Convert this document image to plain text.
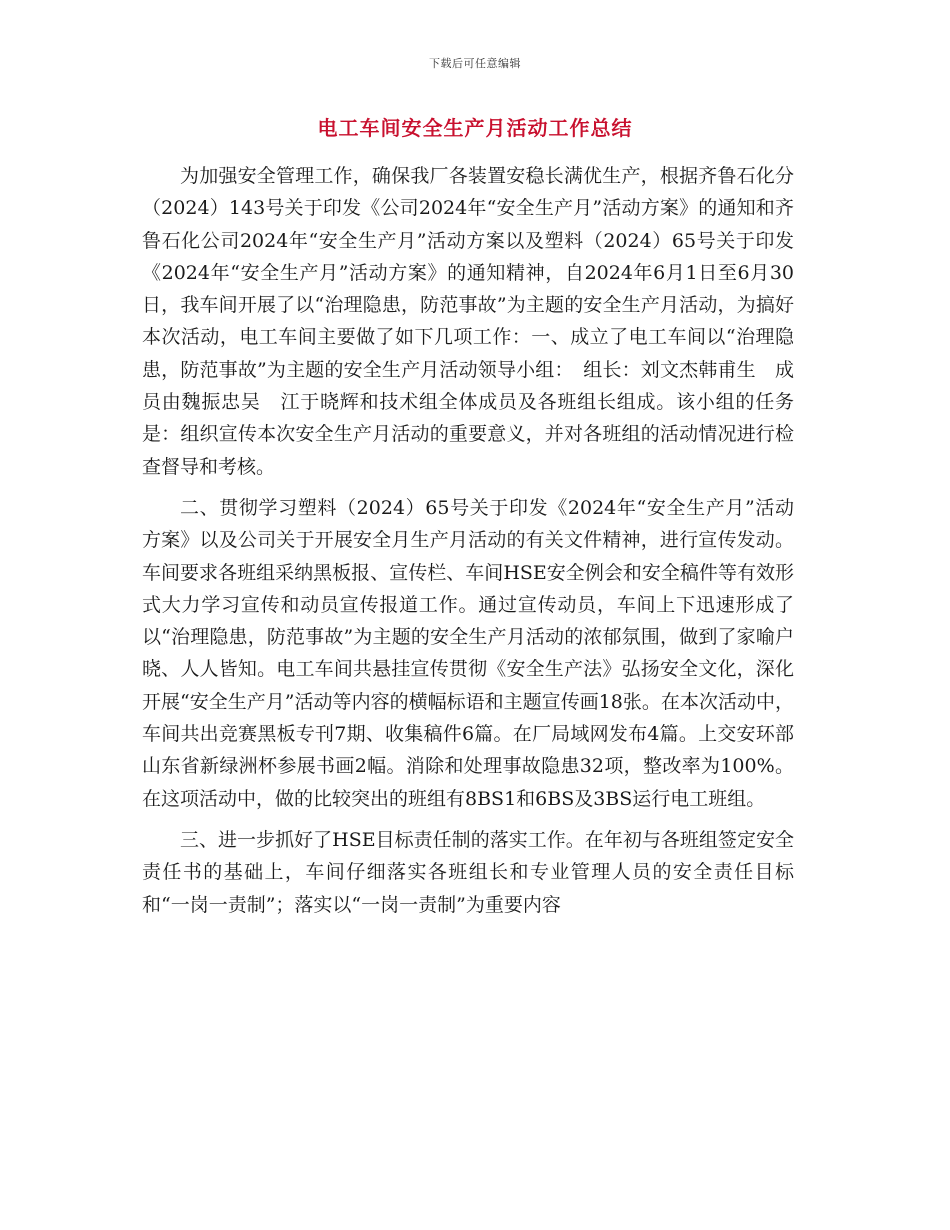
下载后可任意编辑
电工车间安全生产月活动工作总结

为加强安全管理工作，确保我厂各装置安稳长满优生产，根据齐鲁石化分（2024）143号关于印发《公司2024年“安全生产月”活动方案》的通知和齐鲁石化公司2024年“安全生产月”活动方案以及塑料（2024）65号关于印发《2024年“安全生产月”活动方案》的通知精神，自2024年6月1日至6月30日，我车间开展了以“治理隐患，防范事故”为主题的安全生产月活动，为搞好本次活动，电工车间主要做了如下几项工作：一、成立了电工车间以“治理隐患，防范事故”为主题的安全生产月活动领导小组：　组长：刘文杰韩甫生　成员由魏振忠吴　江于晓辉和技术组全体成员及各班组长组成。该小组的任务是：组织宣传本次安全生产月活动的重要意义，并对各班组的活动情况进行检查督导和考核。

二、贯彻学习塑料（2024）65号关于印发《2024年“安全生产月”活动方案》以及公司关于开展安全月生产月活动的有关文件精神，进行宣传发动。车间要求各班组采纳黑板报、宣传栏、车间HSE安全例会和安全稿件等有效形式大力学习宣传和动员宣传报道工作。通过宣传动员，车间上下迅速形成了以“治理隐患，防范事故”为主题的安全生产月活动的浓郁氛围，做到了家喻户晓、人人皆知。电工车间共悬挂宣传贯彻《安全生产法》弘扬安全文化，深化开展“安全生产月”活动等内容的横幅标语和主题宣传画18张。在本次活动中，车间共出竞赛黑板专刊7期、收集稿件6篇。在厂局域网发布4篇。上交安环部山东省新绿洲杯参展书画2幅。消除和处理事故隐患32项，整改率为100%。在这项活动中，做的比较突出的班组有8BS1和6BS及3BS运行电工班组。

三、进一步抓好了HSE目标责任制的落实工作。在年初与各班组签定安全责任书的基础上，车间仔细落实各班组长和专业管理人员的安全责任目标和“一岗一责制”；落实以“一岗一责制”为重要内容
